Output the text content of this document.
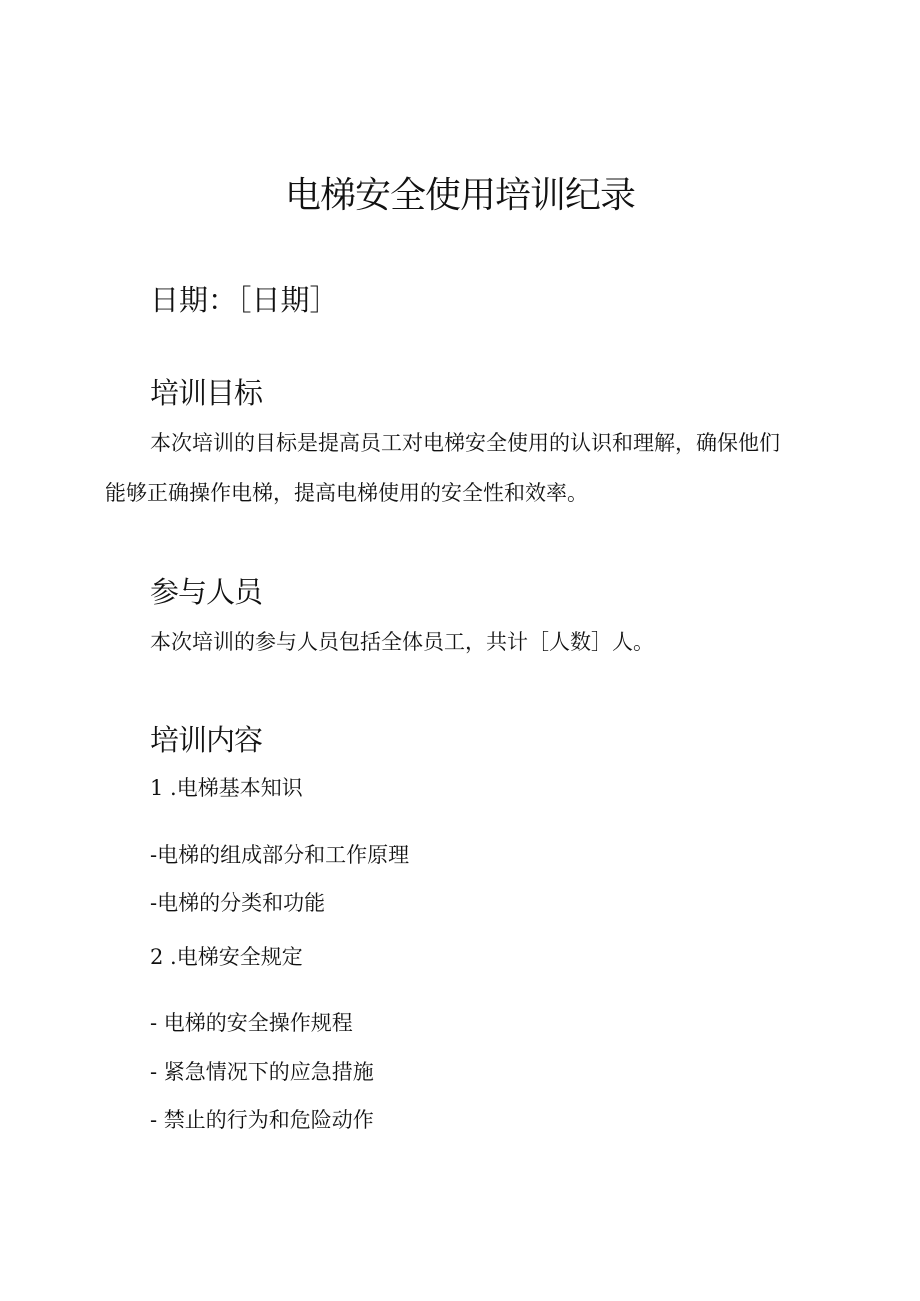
电梯安全使用培训纪录

日期：［日期］

培训目标
本次培训的目标是提高员工对电梯安全使用的认识和理解，确保他们
能够正确操作电梯，提高电梯使用的安全性和效率。
参与人员

本次培训的参与人员包括全体员工，共计［人数］人。

培训内容

1 .电梯基本知识

-电梯的组成部分和工作原理

-电梯的分类和功能

2 .电梯安全规定

- 电梯的安全操作规程

- 紧急情况下的应急措施

- 禁止的行为和危险动作
